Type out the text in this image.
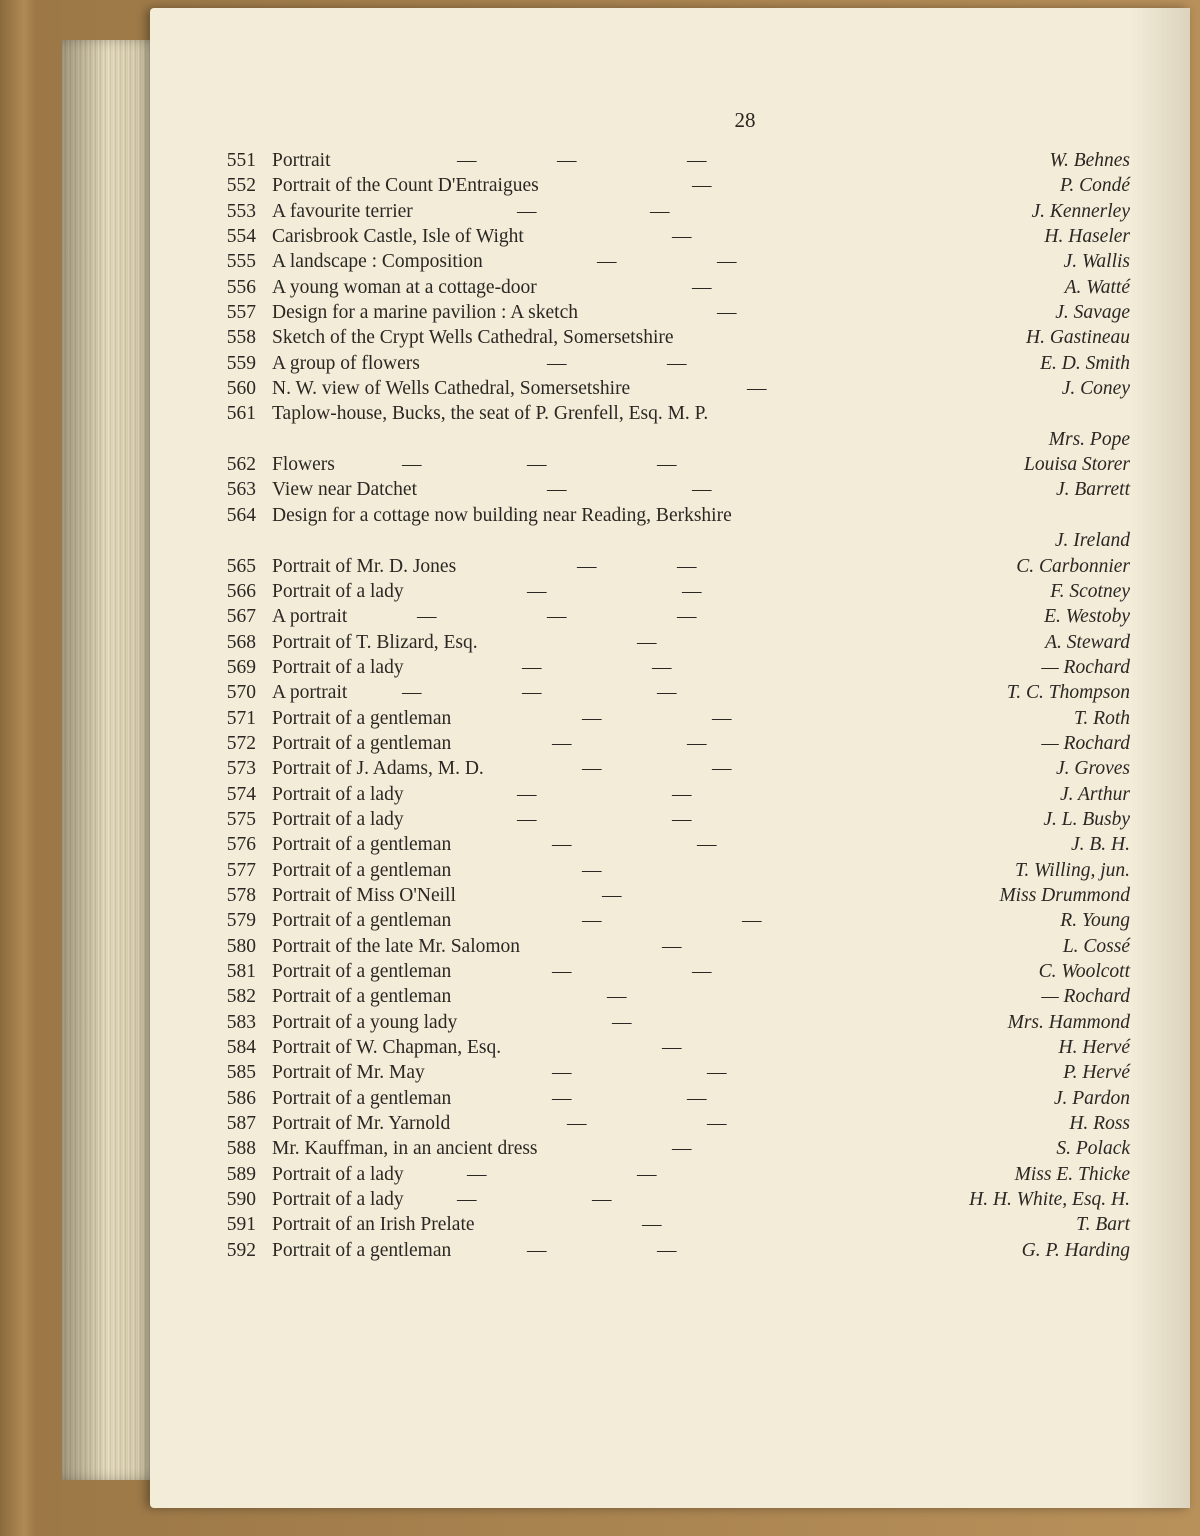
28
551 Portrait	—	—	—	W. Behnes
552 Portrait of the Count D'Entraigues	—	P. Condé
553 A favourite terrier	—	—	J. Kennerley
554 Carisbrook Castle, Isle of Wight	—	H. Haseler
555 A landscape : Composition	—	—	J. Wallis
556 A young woman at a cottage-door	—	A. Watté
557 Design for a marine pavilion : A sketch	—	J. Savage
558 Sketch of the Crypt Wells Cathedral, Somersetshire	H. Gastineau
559 A group of flowers	—	—	E. D. Smith
560 N. W. view of Wells Cathedral, Somersetshire	—	J. Coney
561 Taplow-house, Bucks, the seat of P. Grenfell, Esq. M. P.
Mrs. Pope
562 Flowers	—	—	—	Louisa Storer
563 View near Datchet	—	—	J. Barrett
564 Design for a cottage now building near Reading, Berkshire
J. Ireland
565 Portrait of Mr. D. Jones	—	—	C. Carbonnier
566 Portrait of a lady	—	—	F. Scotney
567 A portrait	—	—	—	E. Westoby
568 Portrait of T. Blizard, Esq.	—	A. Steward
569 Portrait of a lady	—	—	— Rochard
570 A portrait	—	—	—	T. C. Thompson
571 Portrait of a gentleman	—	—	T. Roth
572 Portrait of a gentleman	—	—	— Rochard
573 Portrait of J. Adams, M. D.	—	—	J. Groves
574 Portrait of a lady	—	—	J. Arthur
575 Portrait of a lady	—	—	J. L. Busby
576 Portrait of a gentleman	—	—	J. B. H.
577 Portrait of a gentleman	—	T. Willing, jun.
578 Portrait of Miss O'Neill	—	Miss Drummond
579 Portrait of a gentleman	—	—	R. Young
580 Portrait of the late Mr. Salomon	—	L. Cossé
581 Portrait of a gentleman	—	—	C. Woolcott
582 Portrait of a gentleman	—	— Rochard
583 Portrait of a young lady	—	Mrs. Hammond
584 Portrait of W. Chapman, Esq.	—	H. Hervé
585 Portrait of Mr. May	—	—	P. Hervé
586 Portrait of a gentleman	—	—	J. Pardon
587 Portrait of Mr. Yarnold	—	—	H. Ross
588 Mr. Kauffman, in an ancient dress	—	S. Polack
589 Portrait of a lady	—	—	Miss E. Thicke
590 Portrait of a lady	—	—	H. H. White, Esq. H.
591 Portrait of an Irish Prelate	—	T. Bart
592 Portrait of a gentleman	—	—	G. P. Harding
